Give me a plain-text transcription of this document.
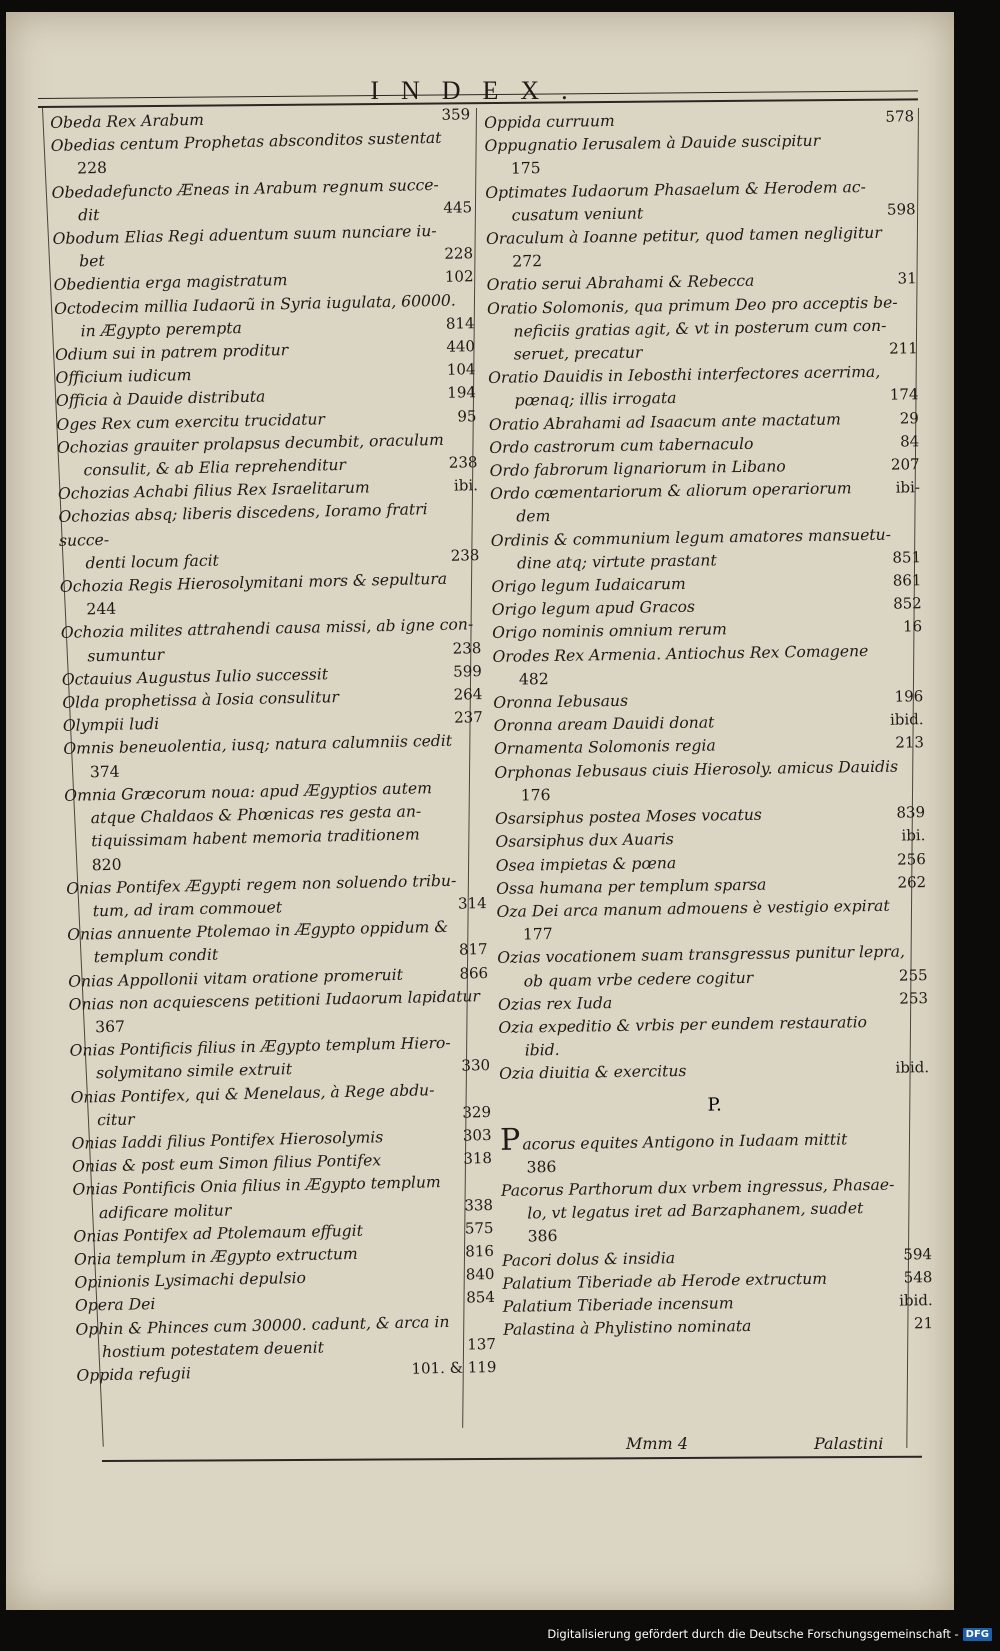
INDEX.
Obeda Rex Arabum	359
Obedias centum Prophetas absconditos sustentat
228
Obedadefuncto Æneas in Arabum regnum succe-
dit	445
Obodum Elias Regi aduentum suum nunciare iu-
bet	228
Obedientia erga magistratum	102
Octodecim millia Iudaorũ in Syria iugulata, 60000.
in Ægypto perempta	814
Odium sui in patrem proditur	440
Officium iudicum	104
Officia à Dauide distributa	194
Oges Rex cum exercitu trucidatur	95
Ochozias grauiter prolapsus decumbit, oraculum
consulit, & ab Elia reprehenditur	238
Ochozias Achabi filius Rex Israelitarum	ibi.
Ochozias absq; liberis discedens, Ioramo fratri succe-
denti locum facit	238
Ochozia Regis Hierosolymitani mors & sepultura
244
Ochozia milites attrahendi causa missi, ab igne con-
sumuntur	238
Octauius Augustus Iulio successit	599
Olda prophetissa à Iosia consulitur	264
Olympii ludi	237
Omnis beneuolentia, iusq; natura calumniis cedit
374
Omnia Græcorum noua: apud Ægyptios autem
atque Chaldaos & Phœnicas res gesta an-
tiquissimam habent memoria traditionem
820
Onias Pontifex Ægypti regem non soluendo tribu-
tum, ad iram commouet	314
Onias annuente Ptolemao in Ægypto oppidum &
templum condit	817
Onias Appollonii vitam oratione promeruit	866
Onias non acquiescens petitioni Iudaorum lapidatur
367
Onias Pontificis filius in Ægypto templum Hiero-
solymitano simile extruit	330
Onias Pontifex, qui & Menelaus, à Rege abdu-
citur	329
Onias Iaddi filius Pontifex Hierosolymis	303
Onias & post eum Simon filius Pontifex	318
Onias Pontificis Onia filius in Ægypto templum
adificare molitur	338
Onias Pontifex ad Ptolemaum effugit	575
Onia templum in Ægypto extructum	816
Opinionis Lysimachi depulsio	840
Opera Dei	854
Ophin & Phinces cum 30000. cadunt, & arca in
hostium potestatem deuenit	137
Oppida refugii	101. & 119
Oppida curruum	578
Oppugnatio Ierusalem à Dauide suscipitur
175
Optimates Iudaorum Phasaelum & Herodem ac-
cusatum veniunt	598
Oraculum à Ioanne petitur, quod tamen negligitur
272
Oratio serui Abrahami & Rebecca	31
Oratio Solomonis, qua primum Deo pro acceptis be-
neficiis gratias agit, & vt in posterum cum con-
seruet, precatur	211
Oratio Dauidis in Iebosthi interfectores acerrima,
pœnaq; illis irrogata	174
Oratio Abrahami ad Isaacum ante mactatum	29
Ordo castrorum cum tabernaculo	84
Ordo fabrorum lignariorum in Libano	207
Ordo cœmentariorum & aliorum operariorum	ibi-
dem
Ordinis & communium legum amatores mansuetu-
dine atq; virtute prastant	851
Origo legum Iudaicarum	861
Origo legum apud Gracos	852
Origo nominis omnium rerum	16
Orodes Rex Armenia. Antiochus Rex Comagene
482
Oronna Iebusaus	196
Oronna aream Dauidi donat	ibid.
Ornamenta Solomonis regia	213
Orphonas Iebusaus ciuis Hierosoly. amicus Dauidis
176
Osarsiphus postea Moses vocatus	839
Osarsiphus dux Auaris	ibi.
Osea impietas & pœna	256
Ossa humana per templum sparsa	262
Oza Dei arca manum admouens è vestigio expirat
177
Ozias vocationem suam transgressus punitur lepra,
ob quam vrbe cedere cogitur	255
Ozias rex Iuda	253
Ozia expeditio & vrbis per eundem restauratio
ibid.
Ozia diuitia & exercitus	ibid.
P.
P acorus equites Antigono in Iudaam mittit
386
Pacorus Parthorum dux vrbem ingressus, Phasae-
lo, vt legatus iret ad Barzaphanem, suadet
386
Pacori dolus & insidia	594
Palatium Tiberiade ab Herode extructum	548
Palatium Tiberiade incensum	ibid.
Palastina à Phylistino nominata	21
Mmm 4	Palastini
Digitalisierung gefördert durch die Deutsche Forschungsgemeinschaft - DFG
